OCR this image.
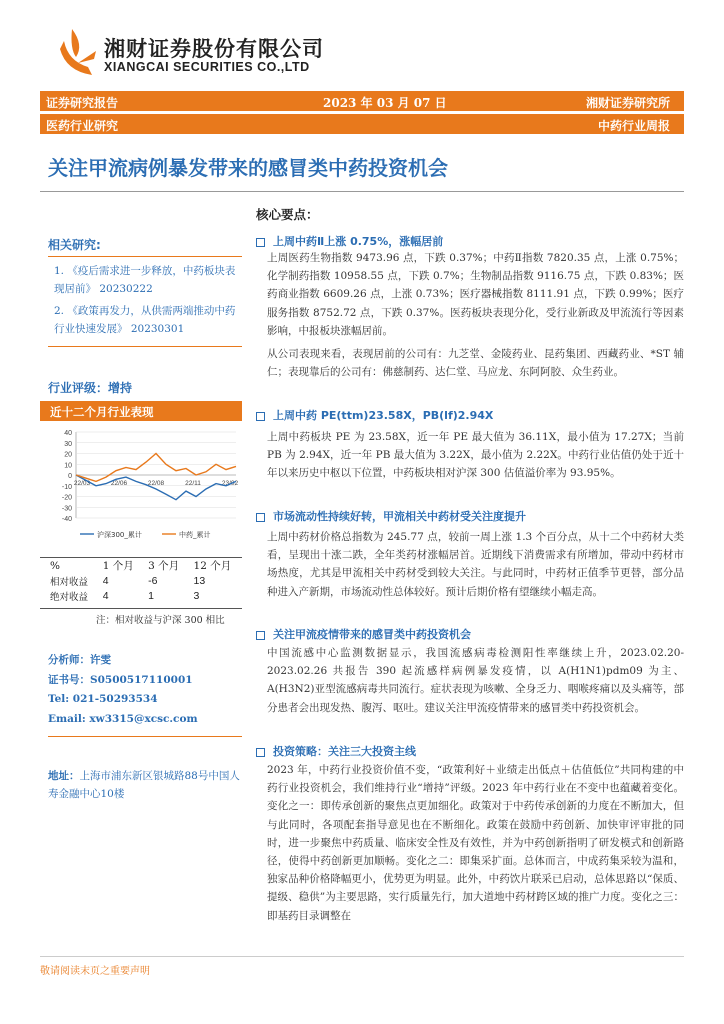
湘财证券股份有限公司
XIANGCAI SECURITIES CO.,LTD
证券研究报告	2023 年 03 月 07 日	湘财证券研究所
医药行业研究	中药行业周报
关注甲流病例暴发带来的感冒类中药投资机会
相关研究:
1. 《疫后需求进一步释放，中药板块表现居前》 20230222
2. 《政策再发力，从供需两端推动中药行业快速发展》 20230301
行业评级：增持
近十二个月行业表现
40
30
20
10
0
-10
-20
-30
-40
22/03	22/06	22/08	22/11	23/02
沪深300_累计	中药_累计
%	1 个月	3 个月	12 个月
相对收益	4	-6	13
绝对收益	4	1	3
注：相对收益与沪深 300 相比
分析师：许雯
证书号：S0500517110001
Tel: 021-50293534
Email: xw3315@xcsc.com
地址：上海市浦东新区银城路88号中国人寿金融中心10楼
核心要点：
上周中药Ⅱ上涨 0.75%，涨幅居前
上周医药生物指数 9473.96 点，下跌 0.37%；中药Ⅱ指数 7820.35 点，上涨 0.75%；化学制药指数 10958.55 点，下跌 0.7%；生物制品指数 9116.75 点，下跌 0.83%；医药商业指数 6609.26 点，上涨 0.73%；医疗器械指数 8111.91 点，下跌 0.99%；医疗服务指数 8752.72 点，下跌 0.37%。医药板块表现分化，受行业新政及甲流流行等因素影响，中报板块涨幅居前。
从公司表现来看，表现居前的公司有：九芝堂、金陵药业、昆药集团、西藏药业、*ST 辅仁；表现靠后的公司有：佛慈制药、达仁堂、马应龙、东阿阿胶、众生药业。
上周中药 PE(ttm)23.58X，PB(lf)2.94X
上周中药板块 PE 为 23.58X，近一年 PE 最大值为 36.11X，最小值为 17.27X；当前 PB 为 2.94X，近一年 PB 最大值为 3.22X，最小值为 2.22X。中药行业估值仍处于近十年以来历史中枢以下位置，中药板块相对沪深 300 估值溢价率为 93.95%。
市场流动性持续好转，甲流相关中药材受关注度提升
上周中药材价格总指数为 245.77 点，较前一周上涨 1.3 个百分点，从十二个中药材大类看，呈现出十涨二跌，全年类药材涨幅居首。近期线下消费需求有所增加，带动中药材市场热度，尤其是甲流相关中药材受到较大关注。与此同时，中药材正值季节更替，部分品种进入产新期，市场流动性总体较好。预计后期价格有望继续小幅走高。
关注甲流疫情带来的感冒类中药投资机会
中国流感中心监测数据显示，我国流感病毒检测阳性率继续上升，2023.02.20-2023.02.26 共报告 390 起流感样病例暴发疫情，以 A(H1N1)pdm09 为主、A(H3N2)亚型流感病毒共同流行。症状表现为咳嗽、全身乏力、咽喉疼痛以及头痛等，部分患者会出现发热、腹泻、呕吐。建议关注甲流疫情带来的感冒类中药投资机会。
投资策略：关注三大投资主线
2023 年，中药行业投资价值不变，“政策利好＋业绩走出低点＋估值低位”共同构建的中药行业投资机会，我们维持行业“增持”评级。2023 年中药行业在不变中也蕴藏着变化。变化之一：即传承创新的聚焦点更加细化。政策对于中药传承创新的力度在不断加大，但与此同时，各项配套指导意见也在不断细化。政策在鼓励中药创新、加快审评审批的同时，进一步聚焦中药质量、临床安全性及有效性，并为中药创新指明了研发模式和创新路径，使得中药创新更加顺畅。变化之二：即集采扩面。总体而言，中成药集采较为温和，独家品种价格降幅更小，优势更为明显。此外，中药饮片联采已启动，总体思路以“保质、提级、稳供”为主要思路，实行质量先行，加大道地中药材跨区域的推广力度。变化之三：即基药目录调整在
敬请阅读末页之重要声明
